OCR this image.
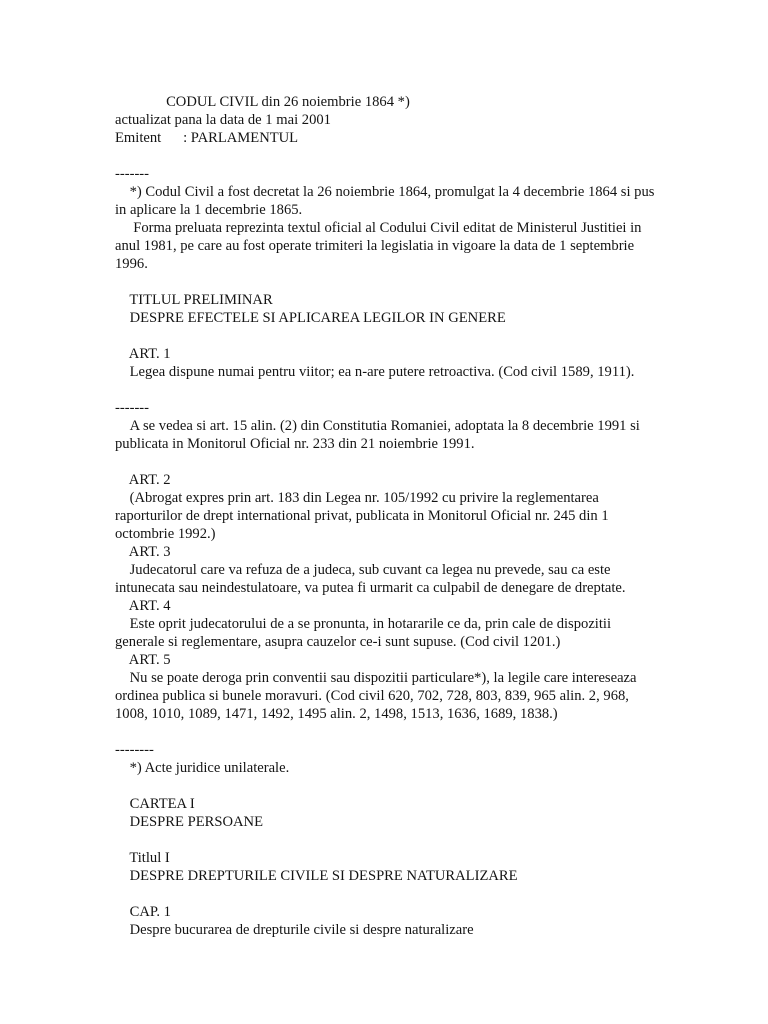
CODUL CIVIL din 26 noiembrie 1864 *)
actualizat pana la data de 1 mai 2001
Emitent      : PARLAMENTUL
-------
*) Codul Civil a fost decretat la 26 noiembrie 1864, promulgat la 4 decembrie 1864 si pus in aplicare la 1 decembrie 1865.
Forma preluata reprezinta textul oficial al Codului Civil editat de Ministerul Justitiei in anul 1981, pe care au fost operate trimiteri la legislatia in vigoare la data de 1 septembrie 1996.
TITLUL PRELIMINAR
DESPRE EFECTELE SI APLICAREA LEGILOR IN GENERE
ART. 1
Legea dispune numai pentru viitor; ea n-are putere retroactiva. (Cod civil 1589, 1911).
-------
A se vedea si art. 15 alin. (2) din Constitutia Romaniei, adoptata la 8 decembrie 1991 si publicata in Monitorul Oficial nr. 233 din 21 noiembrie 1991.
ART. 2
(Abrogat expres prin art. 183 din Legea nr. 105/1992 cu privire la reglementarea raporturilor de drept international privat, publicata in Monitorul Oficial nr. 245 din 1 octombrie 1992.)
ART. 3
Judecatorul care va refuza de a judeca, sub cuvant ca legea nu prevede, sau ca este intunecata sau neindestulatoare, va putea fi urmarit ca culpabil de denegare de dreptate.
ART. 4
Este oprit judecatorului de a se pronunta, in hotararile ce da, prin cale de dispozitii generale si reglementare, asupra cauzelor ce-i sunt supuse. (Cod civil 1201.)
ART. 5
Nu se poate deroga prin conventii sau dispozitii particulare*), la legile care intereseaza ordinea publica si bunele moravuri. (Cod civil 620, 702, 728, 803, 839, 965 alin. 2, 968, 1008, 1010, 1089, 1471, 1492, 1495 alin. 2, 1498, 1513, 1636, 1689, 1838.)
--------
*) Acte juridice unilaterale.
CARTEA I
DESPRE PERSOANE
Titlul I
DESPRE DREPTURILE CIVILE SI DESPRE NATURALIZARE
CAP. 1
Despre bucurarea de drepturile civile si despre naturalizare
